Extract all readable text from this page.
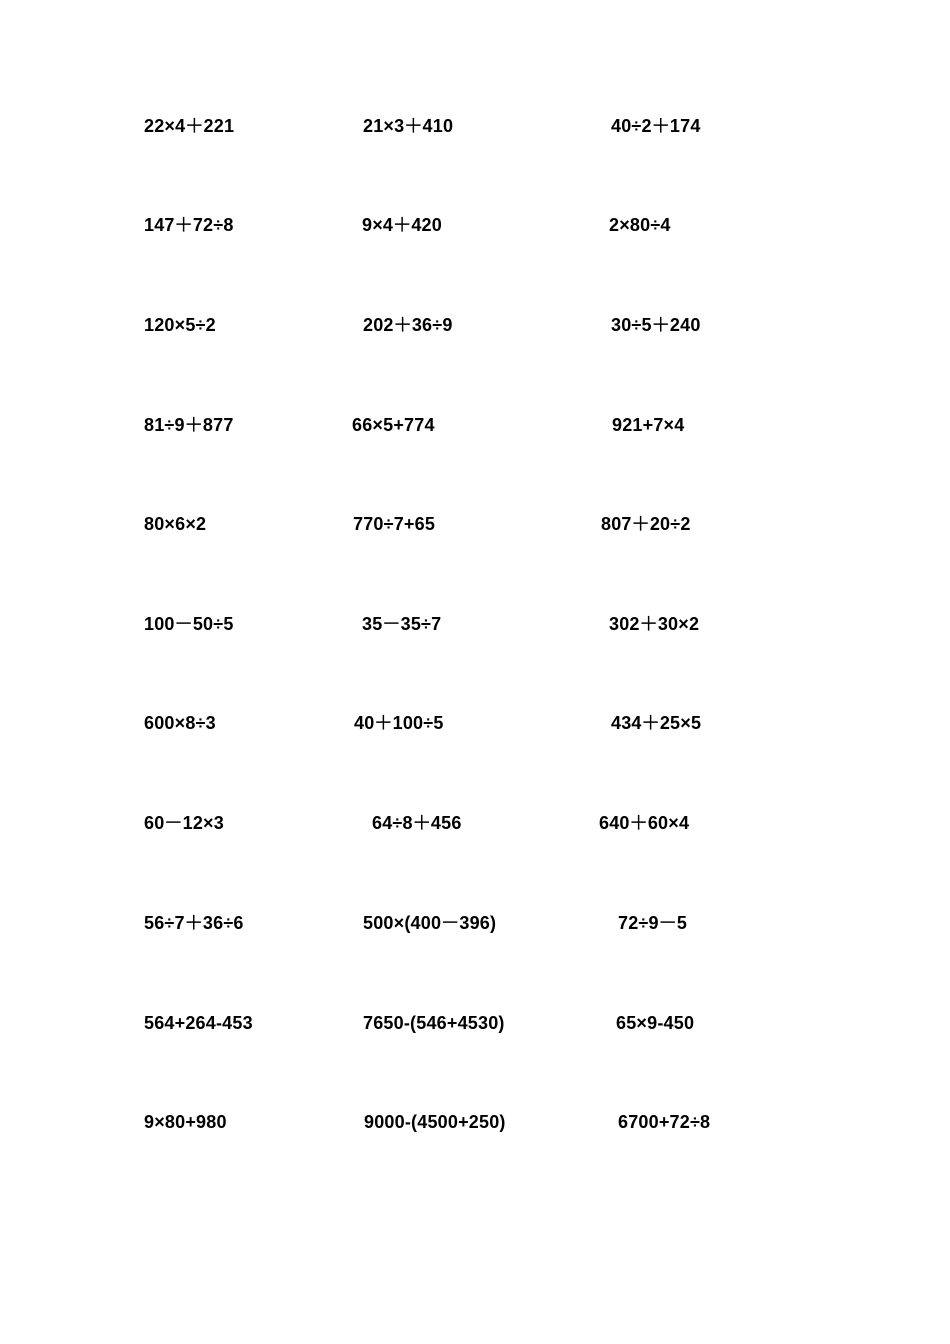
22×4＋221	21×3＋410	40÷2＋174
147＋72÷8	9×4＋420	2×80÷4
120×5÷2	202＋36÷9	30÷5＋240
81÷9＋877	66×5+774	921+7×4
80×6×2	770÷7+65	807＋20÷2
100－50÷5	35－35÷7	302＋30×2
600×8÷3	40＋100÷5	434＋25×5
60－12×3	64÷8＋456	640＋60×4
56÷7＋36÷6	500×(400－396)	72÷9－5
564+264-453	7650-(546+4530)	65×9-450
9×80+980	9000-(4500+250)	6700+72÷8
